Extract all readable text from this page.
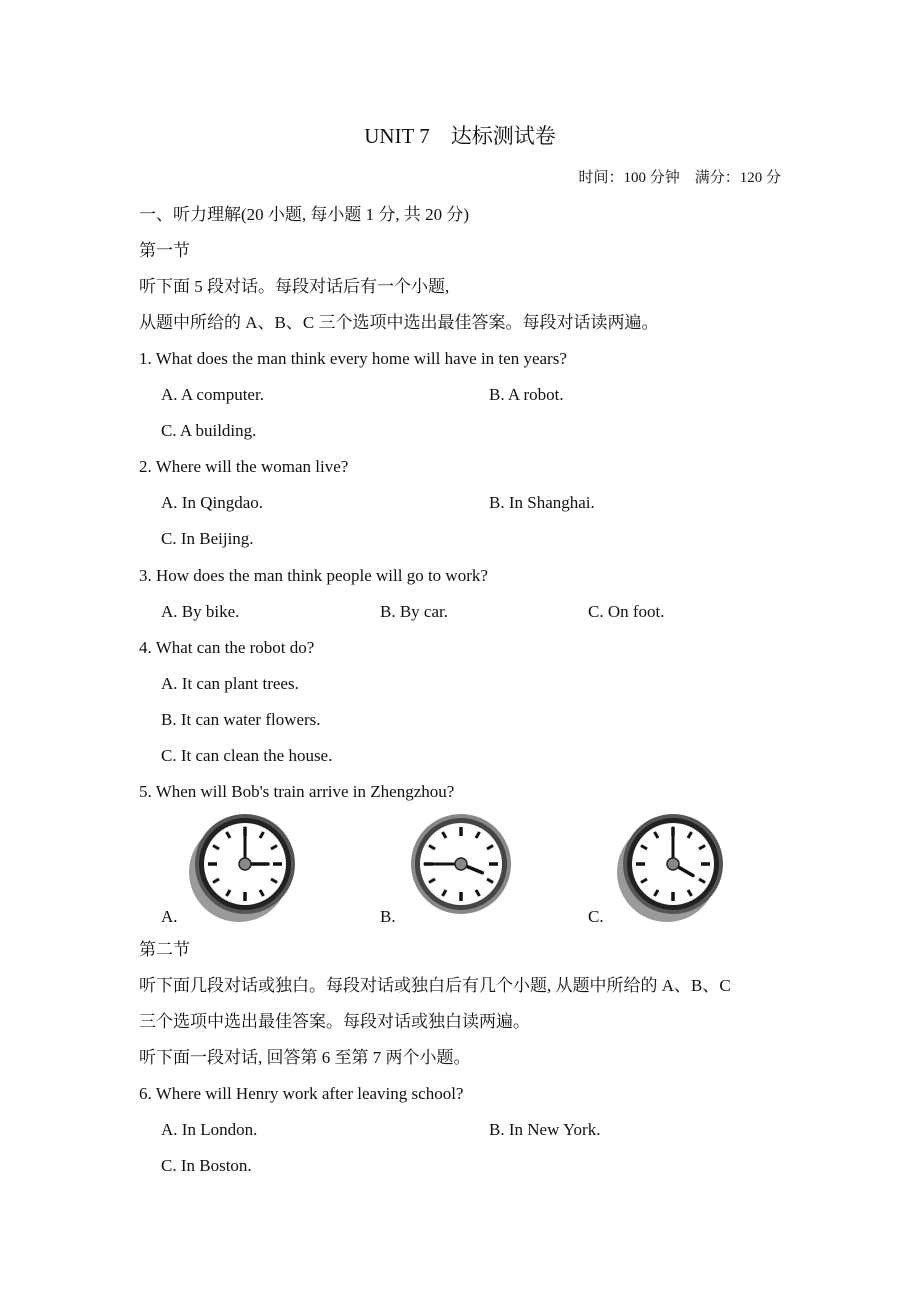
UNIT 7　达标测试卷
时间：100 分钟　满分：120 分
一、听力理解(20 小题, 每小题 1 分, 共 20 分)
第一节
听下面 5 段对话。每段对话后有一个小题,
从题中所给的 A、B、C 三个选项中选出最佳答案。每段对话读两遍。
1. What does the man think every home will have in ten years?
A. A computer.	B. A robot.
C. A building.
2. Where will the woman live?
A. In Qingdao.	B. In Shanghai.
C. In Beijing.
3. How does the man think people will go to work?
A. By bike.	B. By car.	C. On foot.
4. What can the robot do?
A. It can plant trees.
B. It can water flowers.
C. It can clean the house.
5. When will Bob's train arrive in Zhengzhou?
A.	B.	C.
第二节
听下面几段对话或独白。每段对话或独白后有几个小题, 从题中所给的 A、B、C
三个选项中选出最佳答案。每段对话或独白读两遍。
听下面一段对话, 回答第 6 至第 7 两个小题。
6. Where will Henry work after leaving school?
A. In London.	B. In New York.
C. In Boston.
